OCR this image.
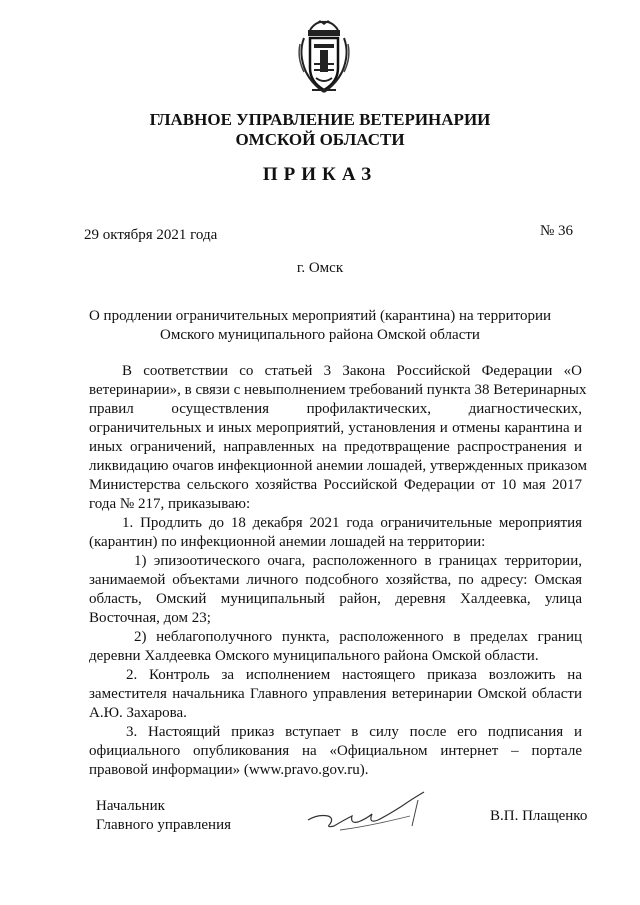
ГЛАВНОЕ УПРАВЛЕНИЕ ВЕТЕРИНАРИИ
ОМСКОЙ ОБЛАСТИ
ПРИКАЗ
29 октября 2021 года	№ 36
г. Омск
О продлении ограничительных мероприятий (карантина) на территории
Омского муниципального района Омской области
В соответствии со статьей 3 Закона Российской Федерации «О
ветеринарии», в связи с невыполнением требований пункта 38 Ветеринарных
правил осуществления профилактических, диагностических,
ограничительных и иных мероприятий, установления и отмены карантина и
иных ограничений, направленных на предотвращение распространения и
ликвидацию очагов инфекционной анемии лошадей, утвержденных приказом
Министерства сельского хозяйства Российской Федерации от 10 мая 2017
года № 217, приказываю:
1. Продлить до 18 декабря 2021 года ограничительные мероприятия
(карантин) по инфекционной анемии лошадей на территории:
1) эпизоотического очага, расположенного в границах территории,
занимаемой объектами личного подсобного хозяйства, по адресу: Омская
область, Омский муниципальный район, деревня Халдеевка, улица
Восточная, дом 23;
2) неблагополучного пункта, расположенного в пределах границ
деревни Халдеевка Омского муниципального района Омской области.
2. Контроль за исполнением настоящего приказа возложить на
заместителя начальника Главного управления ветеринарии Омской области
А.Ю. Захарова.
3. Настоящий приказ вступает в силу после его подписания и
официального опубликования на «Официальном интернет – портале
правовой информации» (www.pravo.gov.ru).
Начальник
Главного управления
В.П. Плащенко
